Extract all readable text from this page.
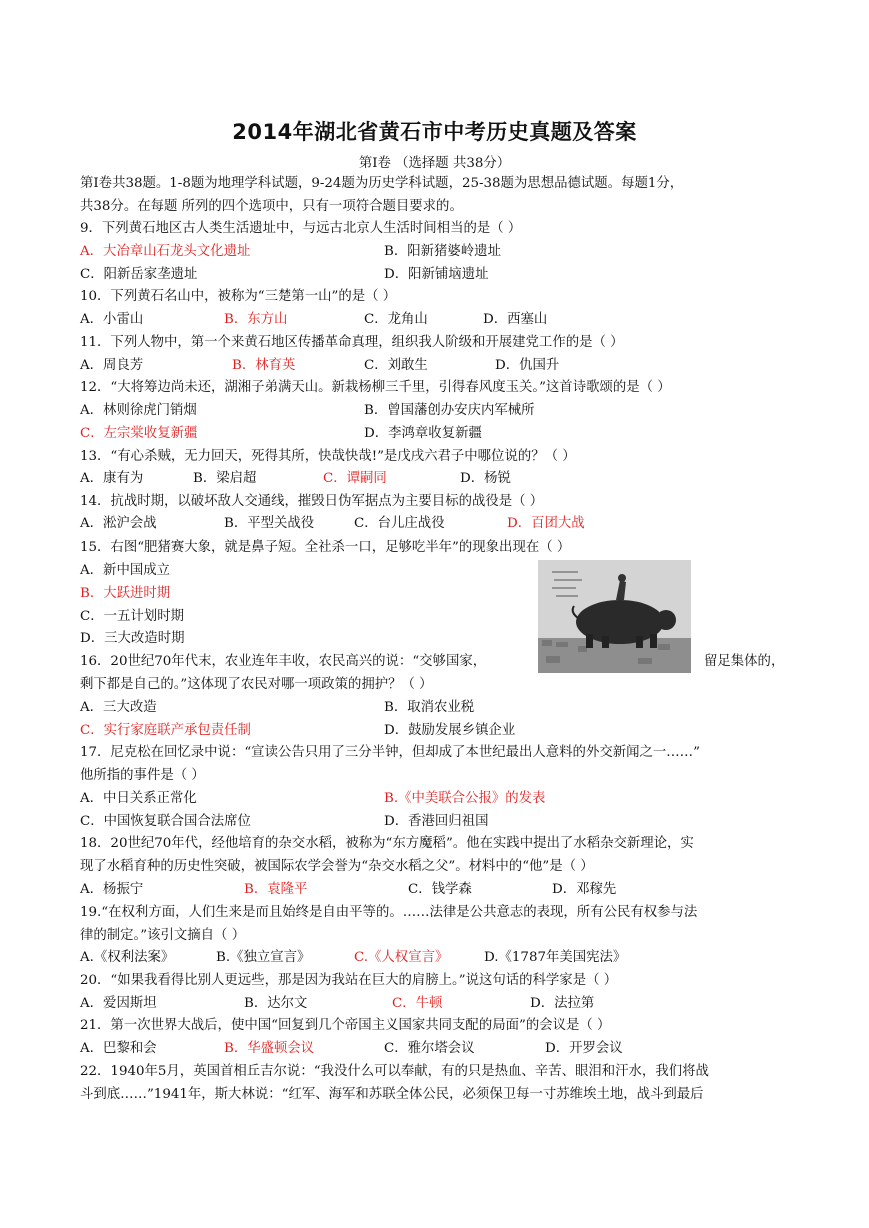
2014年湖北省黄石市中考历史真题及答案
第Ⅰ卷 （选择题 共38分）
第Ⅰ卷共38题。1-8题为地理学科试题，9-24题为历史学科试题，25-38题为思想品德试题。每题1分，
共38分。在每题 所列的四个选项中，只有一项符合题目要求的。
9．下列黄石地区古人类生活遗址中，与远古北京人生活时间相当的是（ ）
A．大冶章山石龙头文化遗址	B．阳新猪婆岭遗址
C．阳新岳家垄遗址	D．阳新铺垴遗址
10．下列黄石名山中，被称为“三楚第一山”的是（ ）
A．小雷山	B．东方山	C．龙角山	D．西塞山
11．下列人物中，第一个来黄石地区传播革命真理，组织我人阶级和开展建党工作的是（ ）
A．周良芳	B．林育英	C．刘敢生	D．仇国升
12．“大将筹边尚未还，湖湘子弟满天山。新栽杨柳三千里，引得春风度玉关。”这首诗歌颂的是（ ）
A．林则徐虎门销烟	B．曾国藩创办安庆内军械所
C．左宗棠收复新疆	D．李鸿章收复新疆
13．“有心杀贼，无力回天，死得其所，快哉快哉!”是戊戌六君子中哪位说的？（ ）
A．康有为	B．梁启超	C．谭嗣同	D．杨锐
14．抗战时期，以破坏敌人交通线，摧毁日伪军据点为主要目标的战役是（ ）
A．淞沪会战	B．平型关战役	C．台儿庄战役	D．百团大战
15．右图“肥猪赛大象，就是鼻子短。全社杀一口，足够吃半年”的现象出现在（ ）
A．新中国成立
B．大跃进时期
C．一五计划时期
D．三大改造时期
16．20世纪70年代末，农业连年丰收，农民高兴的说：“交够国家，	留足集体的，
剩下都是自己的。”这体现了农民对哪一项政策的拥护？（ ）
A．三大改造	B．取消农业税
C．实行家庭联产承包责任制	D．鼓励发展乡镇企业
17．尼克松在回忆录中说：“宣读公告只用了三分半钟，但却成了本世纪最出人意料的外交新闻之一……”
他所指的事件是（ ）
A．中日关系正常化	B.《中美联合公报》的发表
C．中国恢复联合国合法席位	D．香港回归祖国
18．20世纪70年代，经他培育的杂交水稻，被称为“东方魔稻”。他在实践中提出了水稻杂交新理论，实
现了水稻育种的历史性突破，被国际农学会誉为“杂交水稻之父”。材料中的“他”是（ ）
A．杨振宁	B．袁隆平	C．钱学森	D．邓稼先
19.“在权利方面，人们生来是而且始终是自由平等的。……法律是公共意志的表现，所有公民有权参与法
律的制定。”该引文摘自（ ）
A.《权利法案》	B.《独立宣言》	C.《人权宣言》	D.《1787年美国宪法》
20．“如果我看得比别人更远些，那是因为我站在巨大的肩膀上。”说这句话的科学家是（ ）
A．爱因斯坦	B．达尔文	C．牛顿	D．法拉第
21．第一次世界大战后，使中国“回复到几个帝国主义国家共同支配的局面”的会议是（ ）
A．巴黎和会	B．华盛顿会议	C．雅尔塔会议	D．开罗会议
22．1940年5月，英国首相丘吉尔说：“我没什么可以奉献，有的只是热血、辛苦、眼泪和汗水，我们将战
斗到底……”1941年，斯大林说：“红军、海军和苏联全体公民，必须保卫每一寸苏维埃土地，战斗到最后
